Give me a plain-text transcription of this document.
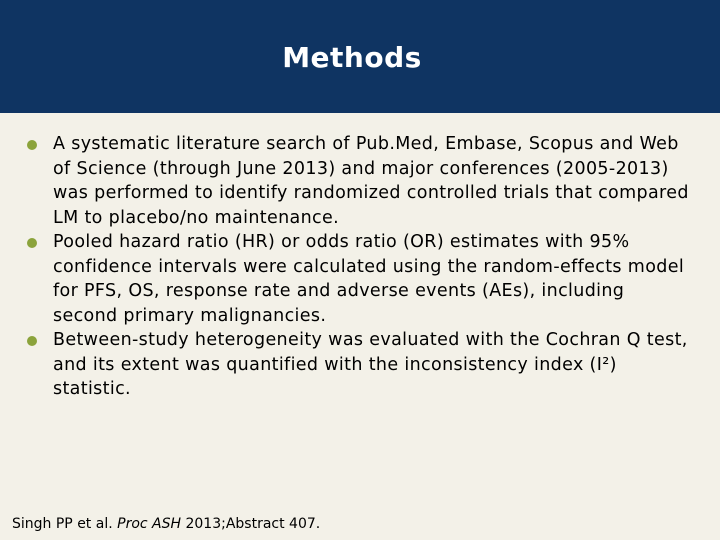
Methods
A systematic literature search of Pub.Med, Embase, Scopus and Web of Science (through June 2013) and major conferences (2005-2013) was performed to identify randomized controlled trials that compared LM to placebo/no maintenance.
Pooled hazard ratio (HR) or odds ratio (OR) estimates with 95% confidence intervals were calculated using the random-effects model for PFS, OS, response rate and adverse events (AEs), including second primary malignancies.
Between-study heterogeneity was evaluated with the Cochran Q test, and its extent was quantified with the inconsistency index (I²) statistic.
Singh PP et al. Proc ASH 2013;Abstract 407.
